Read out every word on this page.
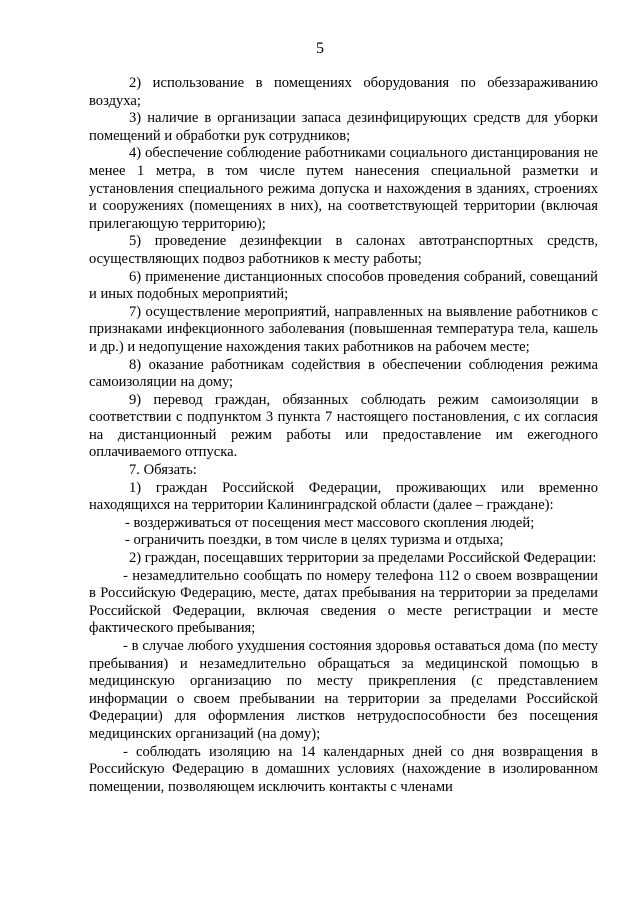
5

2) использование в помещениях оборудования по обеззараживанию воздуха;

3) наличие в организации запаса дезинфицирующих средств для уборки помещений и обработки рук сотрудников;

4) обеспечение соблюдение работниками социального дистанцирования не менее 1 метра, в том числе путем нанесения специальной разметки и установления специального режима допуска и нахождения в зданиях, строениях и сооружениях (помещениях в них), на соответствующей территории (включая прилегающую территорию);

5) проведение дезинфекции в салонах автотранспортных средств, осуществляющих подвоз работников к месту работы;

6) применение дистанционных способов проведения собраний, совещаний и иных подобных мероприятий;

7) осуществление мероприятий, направленных на выявление работников с признаками инфекционного заболевания (повышенная температура тела, кашель и др.) и недопущение нахождения таких работников на рабочем месте;

8) оказание работникам содействия в обеспечении соблюдения режима самоизоляции на дому;

9) перевод граждан, обязанных соблюдать режим самоизоляции в соответствии с подпунктом 3 пункта 7 настоящего постановления, с их согласия на дистанционный режим работы или предоставление им ежегодного оплачиваемого отпуска.

7. Обязать:

1) граждан Российской Федерации, проживающих или временно находящихся на территории Калининградской области (далее – граждане):

- воздерживаться от посещения мест массового скопления людей;

- ограничить поездки, в том числе в целях туризма и отдыха;

2) граждан, посещавших территории за пределами Российской Федерации:

- незамедлительно сообщать по номеру телефона 112 о своем возвращении в Российскую Федерацию, месте, датах пребывания на территории за пределами Российской Федерации, включая сведения о месте регистрации и месте фактического пребывания;

- в случае любого ухудшения состояния здоровья оставаться дома (по месту пребывания) и незамедлительно обращаться за медицинской помощью в медицинскую организацию по месту прикрепления (с представлением информации о своем пребывании на территории за пределами Российской Федерации) для оформления листков нетрудоспособности без посещения медицинских организаций (на дому);

- соблюдать изоляцию на 14 календарных дней со дня возвращения в Российскую Федерацию в домашних условиях (нахождение в изолированном помещении, позволяющем исключить контакты с членами
